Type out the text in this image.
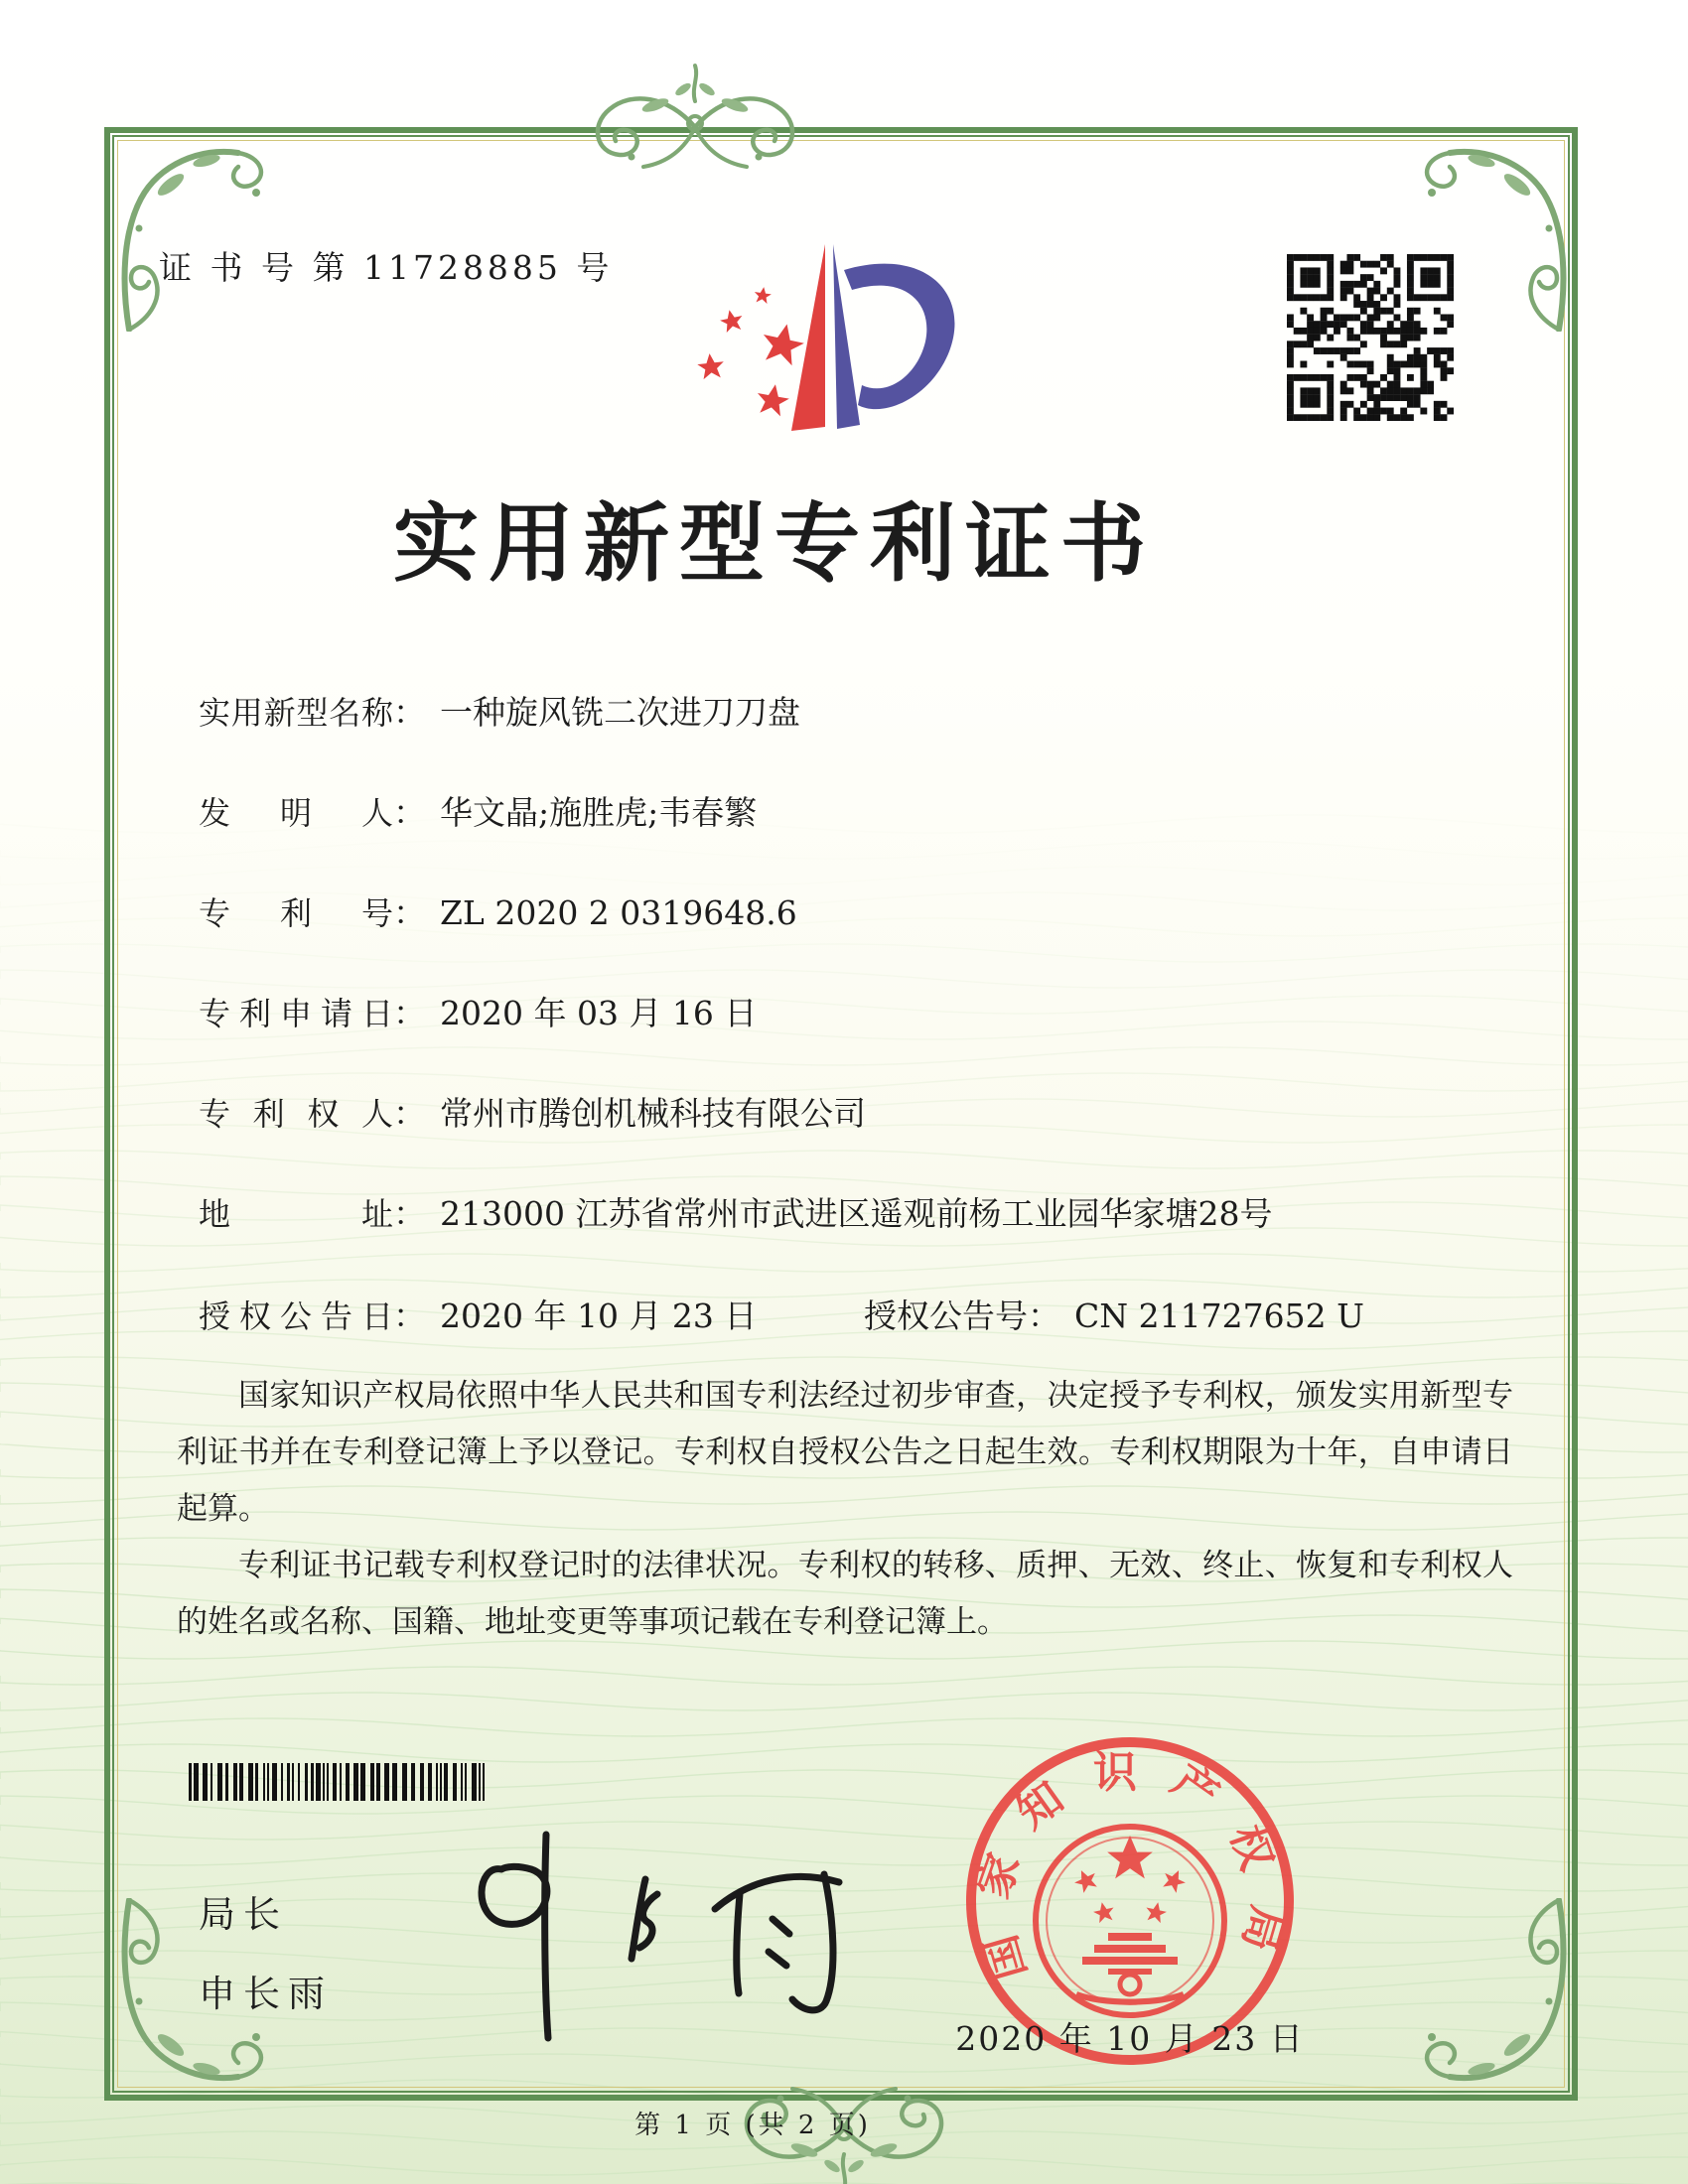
证 书 号 第 11728885 号
实用新型专利证书
实用新型名称： 一种旋风铣二次进刀刀盘
发明人： 华文晶;施胜虎;韦春繁
专利号： ZL 2020 2 0319648.6
专利申请日： 2020 年 03 月 16 日
专利权人： 常州市腾创机械科技有限公司
地址： 213000 江苏省常州市武进区遥观前杨工业园华家塘28号
授权公告日： 2020 年 10 月 23 日	授权公告号： CN 211727652 U

国家知识产权局依照中华人民共和国专利法经过初步审查，决定授予专利权，颁发实用新型专利证书并在专利登记簿上予以登记。专利权自授权公告之日起生效。专利权期限为十年，自申请日起算。

专利证书记载专利权登记时的法律状况。专利权的转移、质押、无效、终止、恢复和专利权人的姓名或名称、国籍、地址变更等事项记载在专利登记簿上。

局长
申长雨
国家知识产权局
2020 年 10 月 23 日
第 1 页 (共 2 页)
